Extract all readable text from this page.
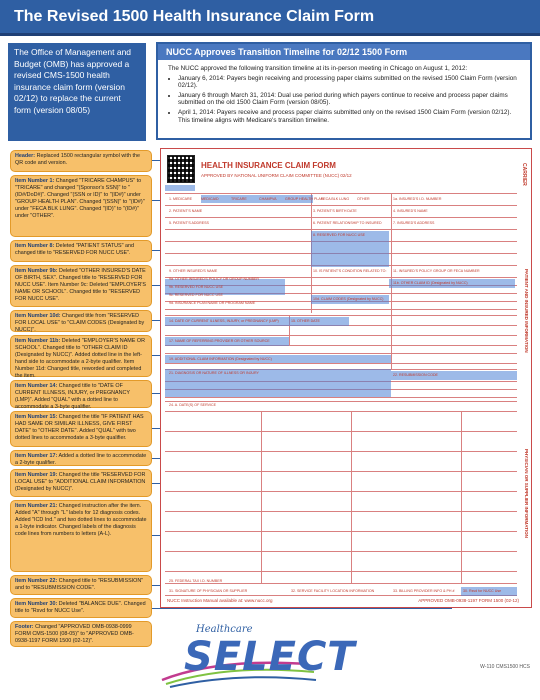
The Revised 1500 Health Insurance Claim Form
The Office of Management and Budget (OMB) has approved a revised CMS-1500 health insurance claim form (version 02/12) to replace the current form (version 08/05)
NUCC Approves Transition Timeline for 02/12 1500 Form
The NUCC approved the following transition timeline at its in-person meeting in Chicago on August 1, 2012:
• January 6, 2014: Payers begin receiving and processing paper claims submitted on the revised 1500 Claim Form (version 02/12).
• January 6 through March 31, 2014: Dual use period during which payers continue to receive and process paper claims submitted on the old 1500 Claim Form (version 08/05).
• April 1, 2014: Payers receive and process paper claims submitted only on the revised 1500 Claim Form (version 02/12). This timeline aligns with Medicare's transition timeline.
Header: Replaced 1500 rectangular symbol with the QR code and version.
Item Number 1: Changed "TRICARE CHAMPUS" to "TRICARE" and changed "(Sponsor's SSN)" to "(ID#/DoD#)". Changed "(SSN or ID)" to "(ID#)" under "GROUP HEALTH PLAN". Changed "(SSN)" to "(ID#)" under "FECA BLK LUNG". Changed "(ID)" to "(ID#)" under "OTHER".
Item Number 8: Deleted "PATIENT STATUS" and changed title to "RESERVED FOR NUCC USE".
Item Number 9b: Deleted "OTHER INSURED'S DATE OF BIRTH, SEX". Changed title to "RESERVED FOR NUCC USE". Item Number 9c: Deleted "EMPLOYER'S NAME OR SCHOOL". Changed title to "RESERVED FOR NUCC USE".
Item Number 10d: Changed title from "RESERVED FOR LOCAL USE" to "CLAIM CODES (Designated by NUCC)".
Item Number 11b: Deleted "EMPLOYER'S NAME OR SCHOOL". Changed title to "OTHER CLAIM ID (Designated by NUCC)". Added dotted line in the left-hand side to accommodate a 2-byte qualifier. Item Number 11d: Changed title, reworded and completed the item.
Item Number 14: Changed title to "DATE OF CURRENT ILLNESS, INJURY, or PREGNANCY (LMP)". Added "QUAL" with a dotted line to accommodate a 3-byte qualifier.
Item Number 15: Changed the title "IF PATIENT HAS HAD SAME OR SIMILAR ILLNESS, GIVE FIRST DATE" to "OTHER DATE". Added "QUAL" with two dotted lines to accommodate a 3-byte qualifier.
Item Number 17: Added a dotted line to accommodate a 2-byte qualifier.
Item Number 19: Changed the title "RESERVED FOR LOCAL USE" to "ADDITIONAL CLAIM INFORMATION (Designated by NUCC)".
Item Number 21: Changed instruction after the item. Added "A" through "L" labels for 12 diagnosis codes. Added "ICD Ind." and two dotted lines to accommodate a 1-byte indicator. Changed labels of the diagnosis code lines from numbers to letters (A-L).
Item Number 22: Changed title to "RESUBMISSION" and to "RESUBMISSION CODE".
Item Number 30: Deleted "BALANCE DUE". Changed title to "Rsvd for NUCC Use".
Footer: Changed "APPROVED OMB-0938-0999 FORM CMS-1500 (08-05)" to "APPROVED OMB-0938-1197 FORM 1500 (02-12)".
HEALTH INSURANCE CLAIM FORM
APPROVED BY NATIONAL UNIFORM CLAIM COMMITTEE (NUCC) 02/12	CARRIER
PATIENT AND INSURED INFORMATION
PHYSICIAN OR SUPPLIER INFORMATION
1. MEDICARE	MEDICAID	TRICARE	CHAMPVA GROUP HEALTH PLAN
FECA BLK LUNG OTHER	1a. INSURED'S I.D. NUMBER
2. PATIENT'S NAME	3. PATIENT'S BIRTH DATE	4. INSURED'S NAME
5. PATIENT'S ADDRESS	6. PATIENT RELATIONSHIP TO INSURED	7. INSURED'S ADDRESS
8. RESERVED FOR NUCC USE
9. OTHER INSURED'S NAME	10. IS PATIENT'S CONDITION RELATED TO: 11. INSURED'S POLICY GROUP OR FECA NUMBER
9a. OTHER INSURED'S POLICY OR GROUP NUMBER
9b. RESERVED FOR NUCC USE
9c. RESERVED FOR NUCC USE
9d. INSURANCE PLAN NAME OR PROGRAM NAME
10d. CLAIM CODES (Designated by NUCC)
11b. OTHER CLAIM ID (Designated by NUCC)
14. DATE OF CURRENT ILLNESS, INJURY, or PREGNANCY (LMP)	15. OTHER DATE
17. NAME OF REFERRING PROVIDER OR OTHER SOURCE
19. ADDITIONAL CLAIM INFORMATION (Designated by NUCC)
21. DIAGNOSIS OR NATURE OF ILLNESS OR INJURY	22. RESUBMISSION CODE
24. A. DATE(S) OF SERVICE
25. FEDERAL TAX I.D. NUMBER
30. Rsvd for NUCC Use
31. SIGNATURE OF PHYSICIAN OR SUPPLIER	32. SERVICE FACILITY LOCATION INFORMATION	33. BILLING PROVIDER INFO & PH #
NUCC Instruction Manual available at: www.nucc.org	APPROVED OMB-0938-1197 FORM 1500 (02-12)
Healthcare
SELECT	W-110 CMS1500 HCS
